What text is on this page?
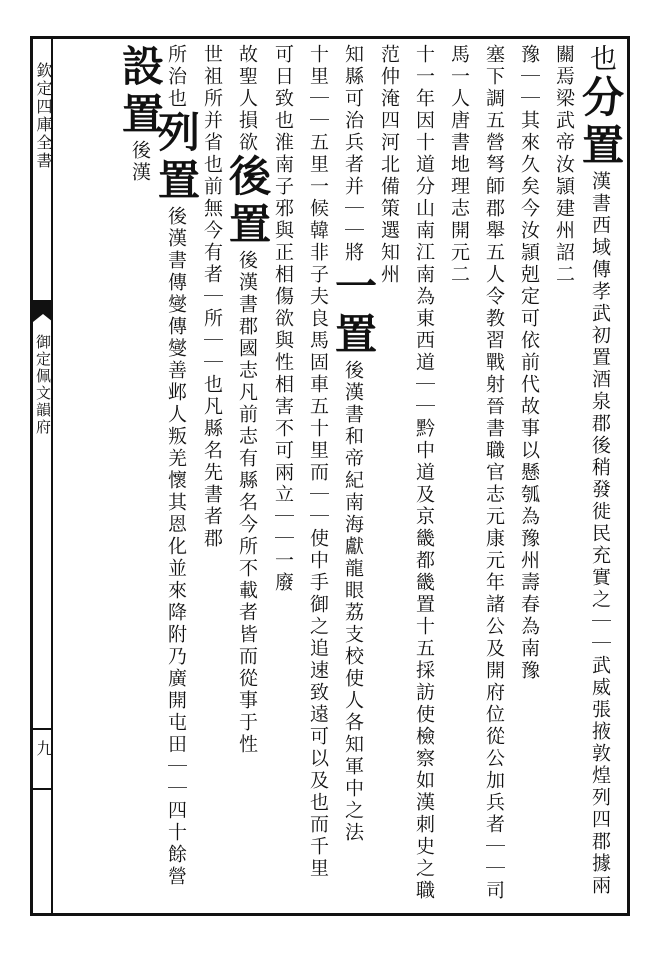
欽定四庫全書
御定佩文韻府
九

也分置漢書西域傳孝武初置酒泉郡後稍發徙民充實之｜｜武威張掖敦煌列四郡據兩關焉梁武帝汝頴建州詔二

豫｜｜其來久矣今汝頴剋定可依前代故事以懸瓠為豫州壽春為南豫

塞下調五營弩師郡舉五人令教習戰射晉書職官志元康元年諸公及開府位從公加兵者｜｜司馬一人唐書地理志開元二

十一年因十道分山南江南為東西道｜｜黔中道及京畿都畿置十五採訪使檢察如漢刺史之職范仲淹四河北備策選知州

知縣可治兵者并｜｜將一置後漢書和帝紀南海獻龍眼荔支校使人各知軍中之法

十里｜｜五里一候韓非子夫良馬固車五十里而｜｜使中手御之追速致遠可以及也而千里

可日致也淮南子邪與正相傷欲與性相害不可兩立｜｜一廢

故聖人損欲後置後漢書郡國志凡前志有縣名今所不載者皆而從事于性

世祖所并省也前無今有者｜所｜｜也凡縣名先書者郡

所治也列置後漢書傳燮傳燮善邺人叛羌懷其恩化並來降附乃廣開屯田｜｜四十餘營

設置後漢
